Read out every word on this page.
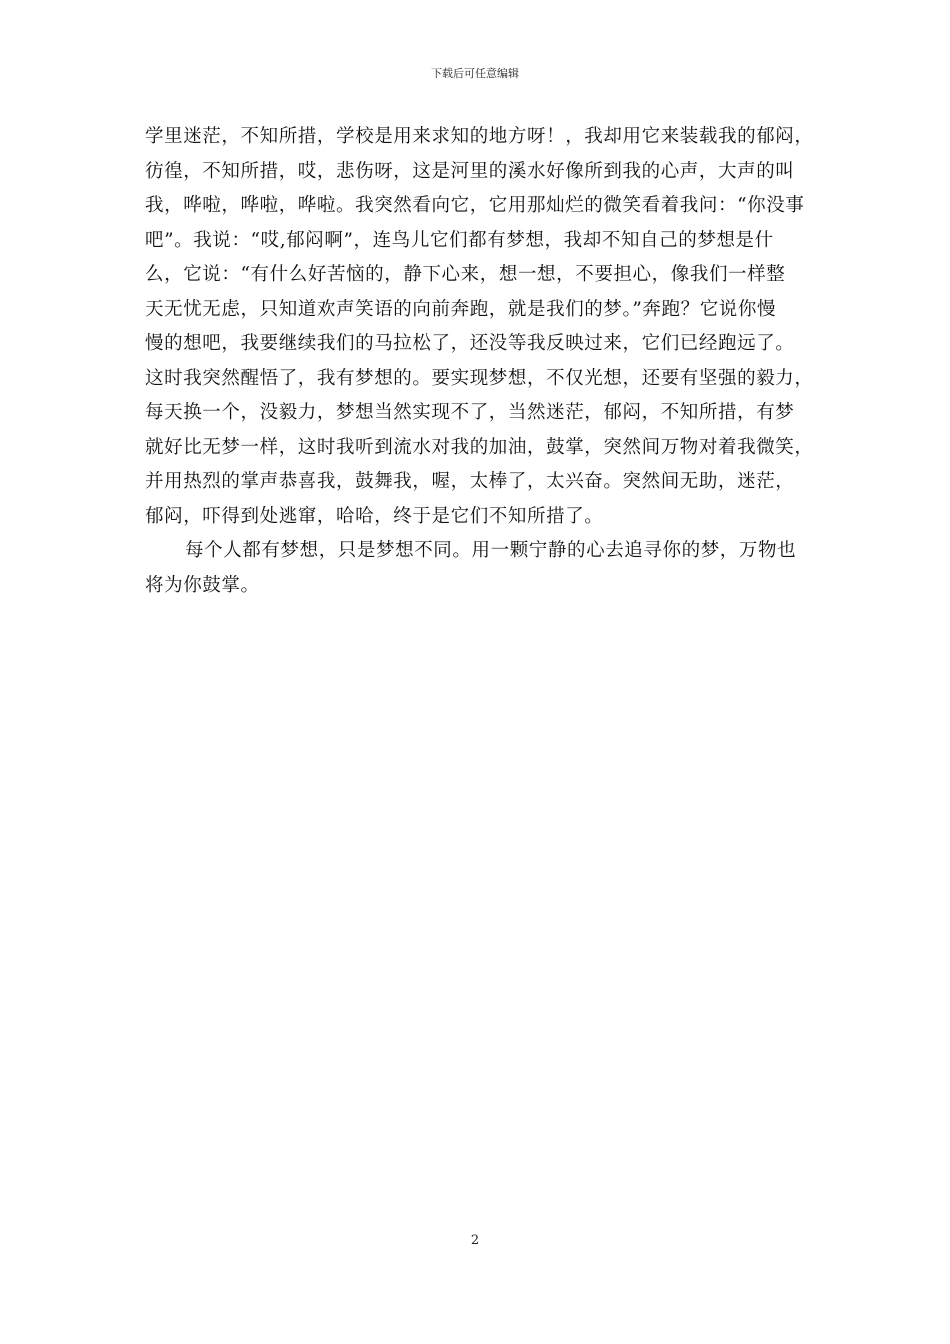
下载后可任意编辑
学里迷茫，不知所措，学校是用来求知的地方呀！，我却用它来装载我的郁闷，
彷徨，不知所措，哎，悲伤呀，这是河里的溪水好像所到我的心声，大声的叫
我，哗啦，哗啦，哗啦。我突然看向它，它用那灿烂的微笑看着我问：“你没事
吧”。我说：“哎,郁闷啊”，连鸟儿它们都有梦想，我却不知自己的梦想是什
么，它说：“有什么好苦恼的，静下心来，想一想，不要担心，像我们一样整
天无忧无虑，只知道欢声笑语的向前奔跑，就是我们的梦。”奔跑？它说你慢
慢的想吧，我要继续我们的马拉松了，还没等我反映过来，它们已经跑远了。
这时我突然醒悟了，我有梦想的。要实现梦想，不仅光想，还要有坚强的毅力，
每天换一个，没毅力，梦想当然实现不了，当然迷茫，郁闷，不知所措，有梦
就好比无梦一样，这时我听到流水对我的加油，鼓掌，突然间万物对着我微笑，
并用热烈的掌声恭喜我，鼓舞我，喔，太棒了，太兴奋。突然间无助，迷茫，
郁闷，吓得到处逃窜，哈哈，终于是它们不知所措了。
每个人都有梦想，只是梦想不同。用一颗宁静的心去追寻你的梦，万物也
将为你鼓掌。
2
